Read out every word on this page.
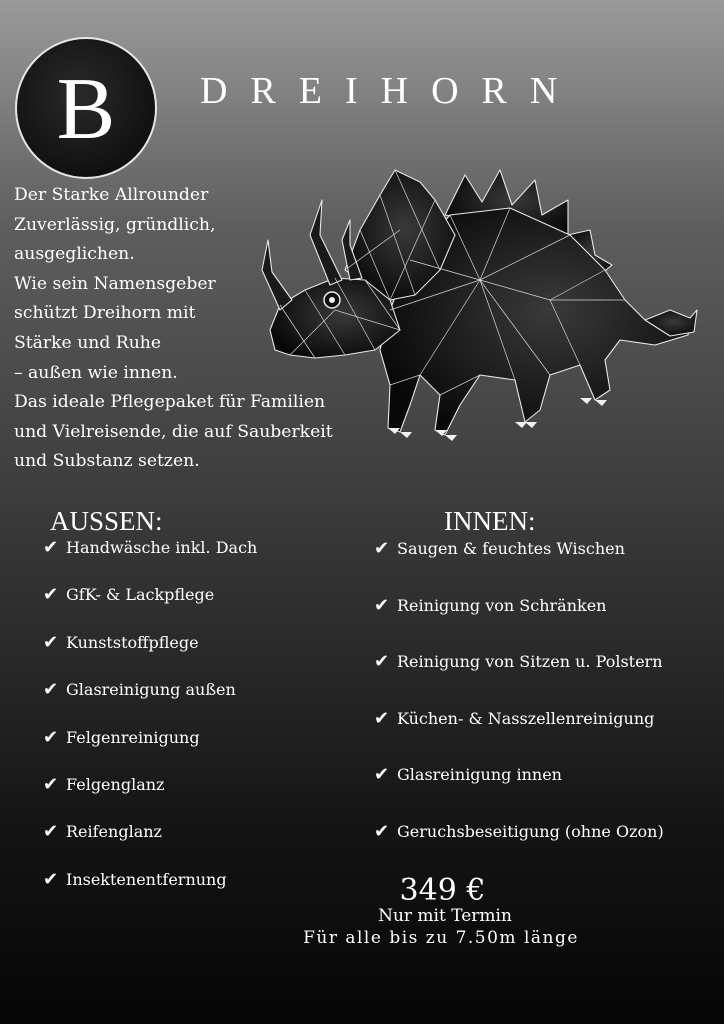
B DREIHORN
Der Starke Allrounder
Zuverlässig, gründlich,
ausgeglichen.
Wie sein Namensgeber
schützt Dreihorn mit
Stärke und Ruhe
– außen wie innen.
Das ideale Pflegepaket für Familien
und Vielreisende, die auf Sauberkeit
und Substanz setzen.
AUSSEN:	INNEN:
✔ Handwäsche inkl. Dach
✔ GfK- & Lackpflege
✔ Kunststoffpflege
✔ Glasreinigung außen
✔ Felgenreinigung
✔ Felgenglanz
✔ Reifenglanz
✔ Insektenentfernung
✔ Saugen & feuchtes Wischen
✔ Reinigung von Schränken
✔ Reinigung von Sitzen u. Polstern
✔ Küchen- & Nasszellenreinigung
✔ Glasreinigung innen
✔ Geruchsbeseitigung (ohne Ozon)
349 €
Nur mit Termin
Für alle bis zu 7.50m länge
